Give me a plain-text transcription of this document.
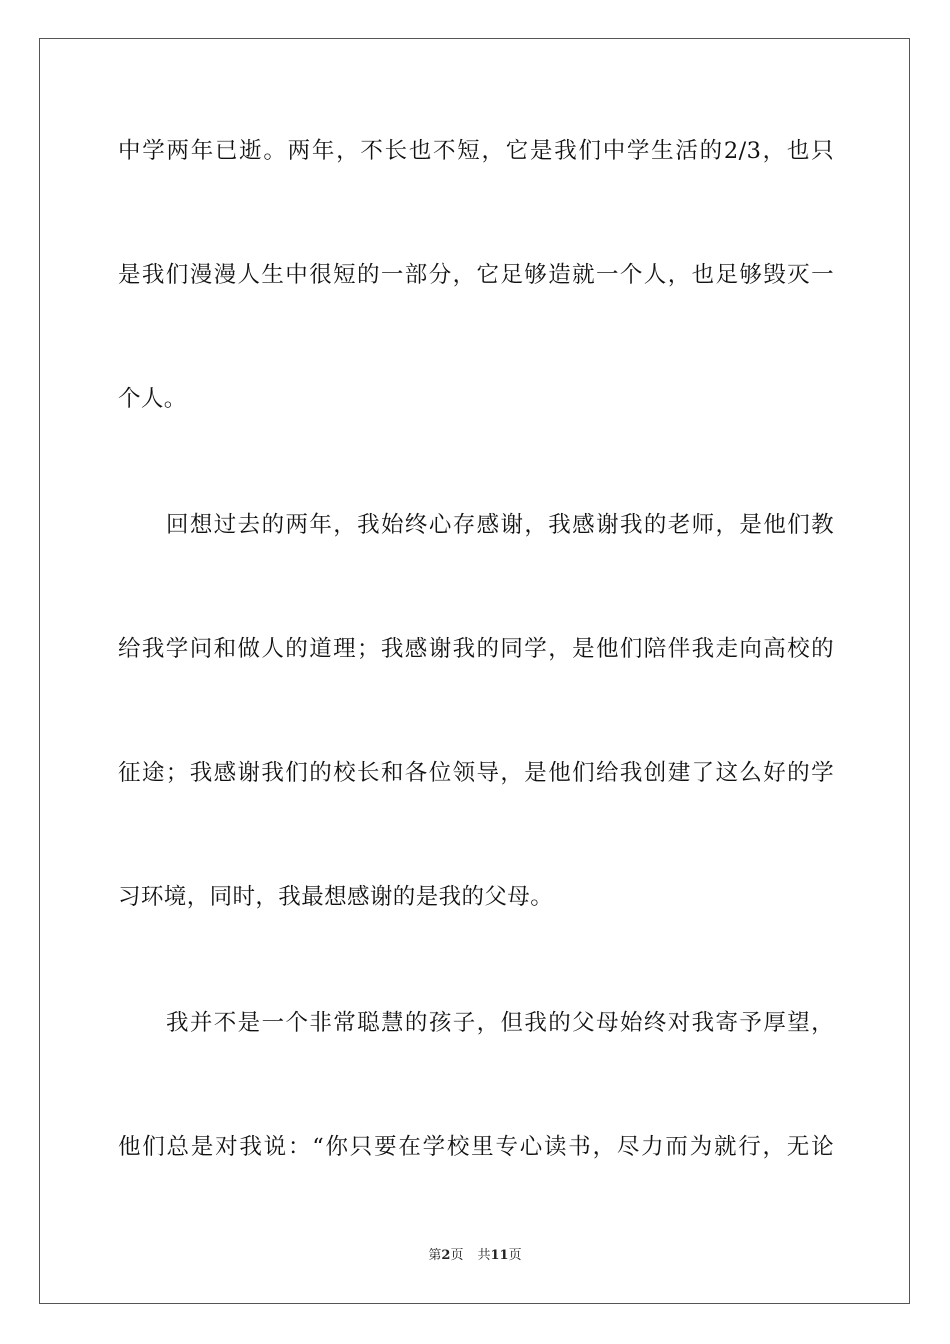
中学两年已逝。两年，不长也不短，它是我们中学生活的2/3，也只
是我们漫漫人生中很短的一部分，它足够造就一个人，也足够毁灭一
个人。
回想过去的两年，我始终心存感谢，我感谢我的老师，是他们教
给我学问和做人的道理；我感谢我的同学，是他们陪伴我走向高校的
征途；我感谢我们的校长和各位领导，是他们给我创建了这么好的学
习环境，同时，我最想感谢的是我的父母。
我并不是一个非常聪慧的孩子，但我的父母始终对我寄予厚望，
他们总是对我说：“你只要在学校里专心读书，尽力而为就行，无论
第2页 共11页
